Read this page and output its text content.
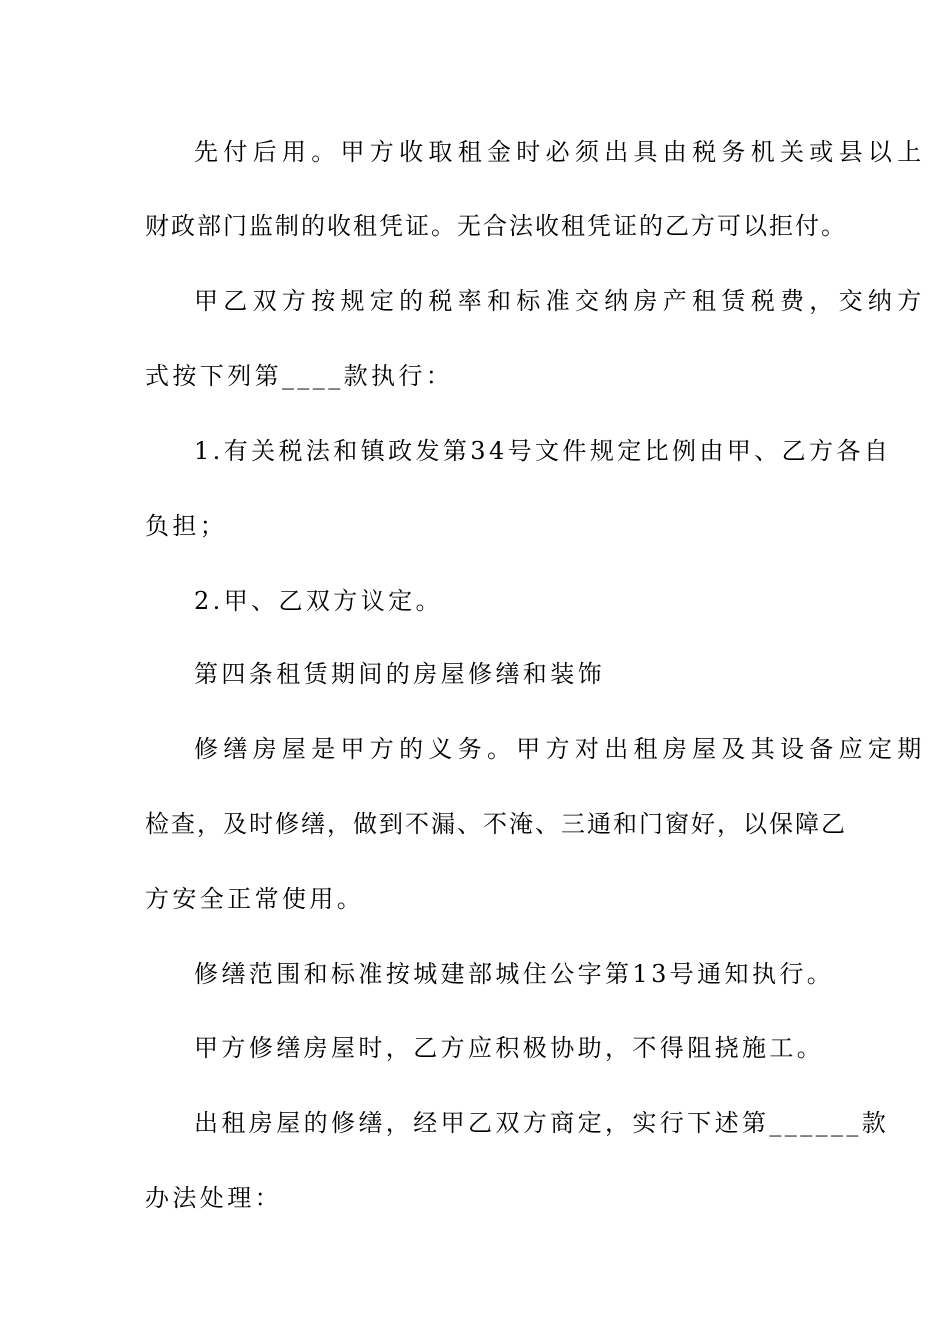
先付后用。甲方收取租金时必须出具由税务机关或县以上
财政部门监制的收租凭证。无合法收租凭证的乙方可以拒付。
甲乙双方按规定的税率和标准交纳房产租赁税费，交纳方
式按下列第____款执行：
1.有关税法和镇政发第34号文件规定比例由甲、乙方各自
负担；
2.甲、乙双方议定。
第四条租赁期间的房屋修缮和装饰
修缮房屋是甲方的义务。甲方对出租房屋及其设备应定期
检查，及时修缮，做到不漏、不淹、三通和门窗好，以保障乙
方安全正常使用。
修缮范围和标准按城建部城住公字第13号通知执行。
甲方修缮房屋时，乙方应积极协助，不得阻挠施工。
出租房屋的修缮，经甲乙双方商定，实行下述第______款
办法处理：
